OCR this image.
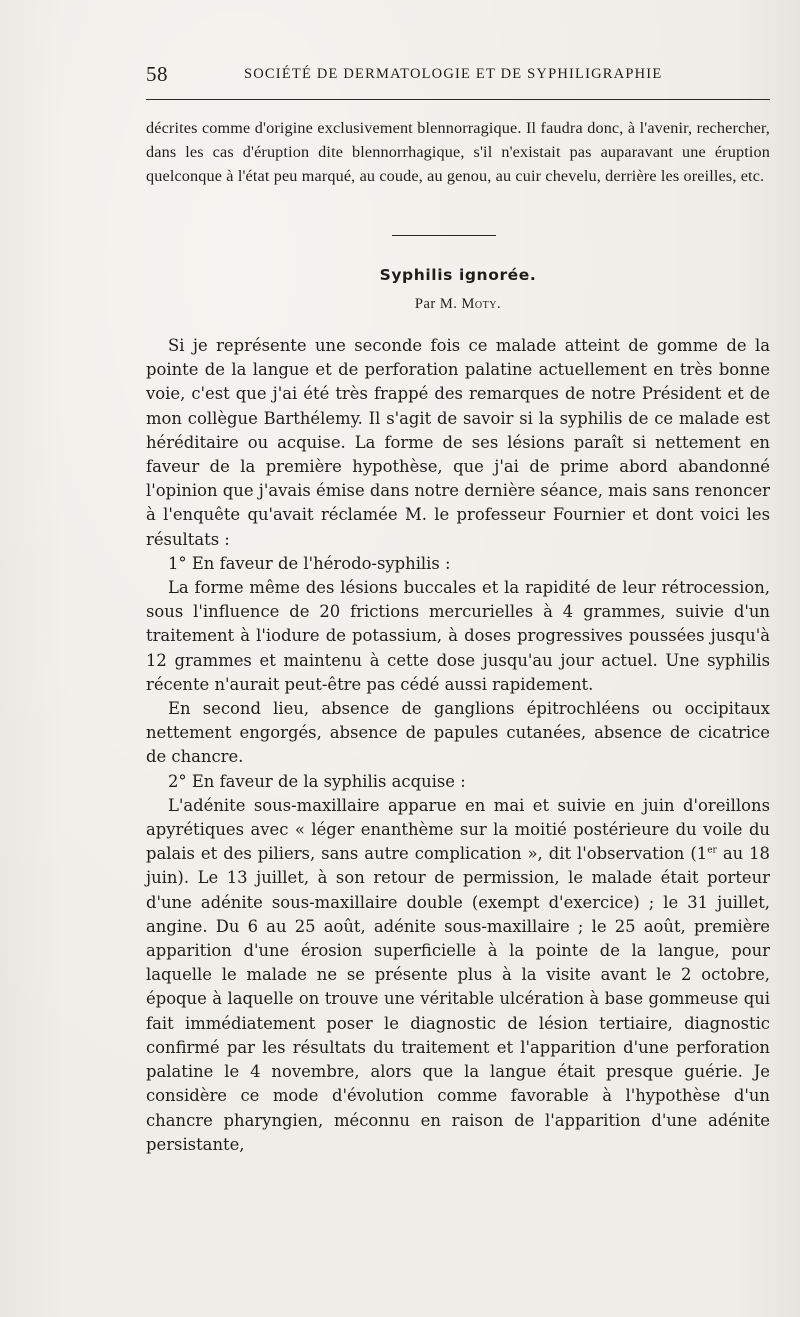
58	SOCIÉTÉ DE DERMATOLOGIE ET DE SYPHILIGRAPHIE

décrites comme d'origine exclusivement blennorragique. Il faudra donc, à l'avenir, rechercher, dans les cas d'éruption dite blennorrhagique, s'il n'existait pas auparavant une éruption quelconque à l'état peu marqué, au coude, au genou, au cuir chevelu, derrière les oreilles, etc.

Syphilis ignorée.
Par M. Moty.

Si je représente une seconde fois ce malade atteint de gomme de la pointe de la langue et de perforation palatine actuellement en très bonne voie, c'est que j'ai été très frappé des remarques de notre Président et de mon collègue Barthélemy. Il s'agit de savoir si la syphilis de ce malade est héréditaire ou acquise. La forme de ses lésions paraît si nettement en faveur de la première hypothèse, que j'ai de prime abord abandonné l'opinion que j'avais émise dans notre dernière séance, mais sans renoncer à l'enquête qu'avait réclamée M. le professeur Fournier et dont voici les résultats :

1° En faveur de l'hérodo-syphilis :

La forme même des lésions buccales et la rapidité de leur rétrocession, sous l'influence de 20 frictions mercurielles à 4 grammes, suivie d'un traitement à l'iodure de potassium, à doses progressives poussées jusqu'à 12 grammes et maintenu à cette dose jusqu'au jour actuel. Une syphilis récente n'aurait peut-être pas cédé aussi rapidement.

En second lieu, absence de ganglions épitrochléens ou occipitaux nettement engorgés, absence de papules cutanées, absence de cicatrice de chancre.

2° En faveur de la syphilis acquise :

L'adénite sous-maxillaire apparue en mai et suivie en juin d'oreillons apyrétiques avec « léger enanthème sur la moitié postérieure du voile du palais et des piliers, sans autre complication », dit l'observation (1er au 18 juin). Le 13 juillet, à son retour de permission, le malade était porteur d'une adénite sous-maxillaire double (exempt d'exercice) ; le 31 juillet, angine. Du 6 au 25 août, adénite sous-maxillaire ; le 25 août, première apparition d'une érosion superficielle à la pointe de la langue, pour laquelle le malade ne se présente plus à la visite avant le 2 octobre, époque à laquelle on trouve une véritable ulcération à base gommeuse qui fait immédiatement poser le diagnostic de lésion tertiaire, diagnostic confirmé par les résultats du traitement et l'apparition d'une perforation palatine le 4 novembre, alors que la langue était presque guérie. Je considère ce mode d'évolution comme favorable à l'hypothèse d'un chancre pharyngien, méconnu en raison de l'apparition d'une adénite persistante,
